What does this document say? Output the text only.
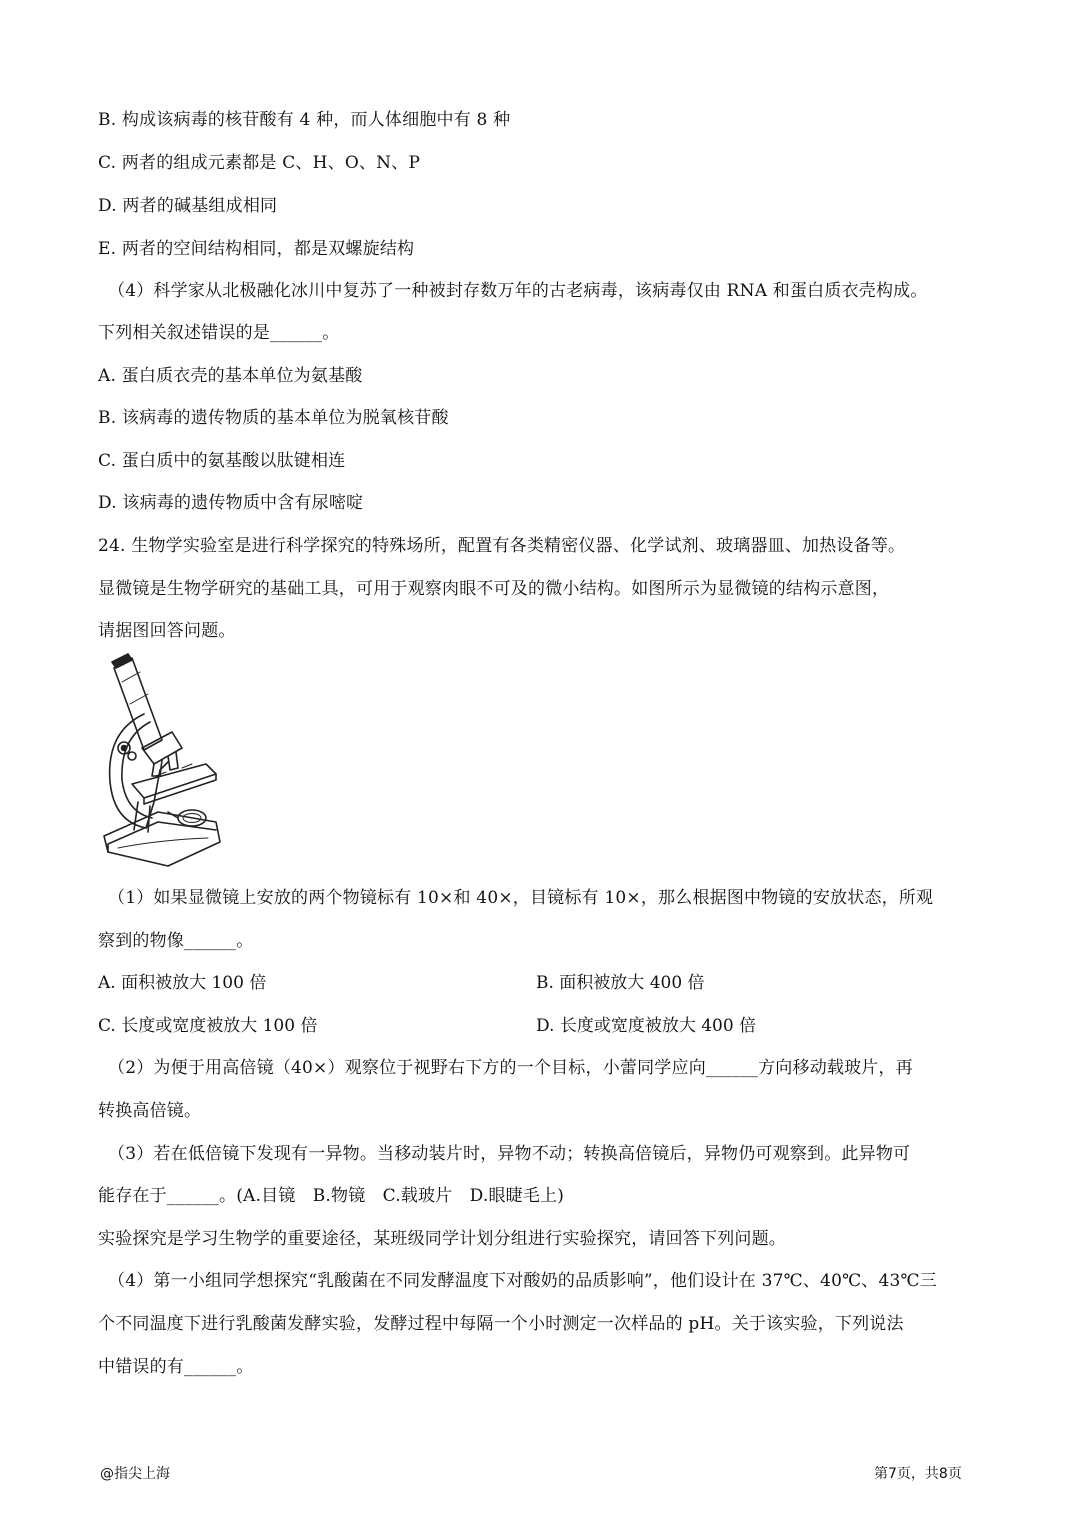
B. 构成该病毒的核苷酸有 4 种，而人体细胞中有 8 种
C. 两者的组成元素都是 C、H、O、N、P
D. 两者的碱基组成相同
E. 两者的空间结构相同，都是双螺旋结构
（4）科学家从北极融化冰川中复苏了一种被封存数万年的古老病毒，该病毒仅由 RNA 和蛋白质衣壳构成。
下列相关叙述错误的是______。
A. 蛋白质衣壳的基本单位为氨基酸
B. 该病毒的遗传物质的基本单位为脱氧核苷酸
C. 蛋白质中的氨基酸以肽键相连
D. 该病毒的遗传物质中含有尿嘧啶
24. 生物学实验室是进行科学探究的特殊场所，配置有各类精密仪器、化学试剂、玻璃器皿、加热设备等。
显微镜是生物学研究的基础工具，可用于观察肉眼不可及的微小结构。如图所示为显微镜的结构示意图，
请据图回答问题。
（1）如果显微镜上安放的两个物镜标有 10×和 40×，目镜标有 10×，那么根据图中物镜的安放状态，所观
察到的物像______。
A. 面积被放大 100 倍	B. 面积被放大 400 倍
C. 长度或宽度被放大 100 倍	D. 长度或宽度被放大 400 倍
（2）为便于用高倍镜（40×）观察位于视野右下方的一个目标，小蕾同学应向______方向移动载玻片，再
转换高倍镜。
（3）若在低倍镜下发现有一异物。当移动装片时，异物不动；转换高倍镜后，异物仍可观察到。此异物可
能存在于______。(A.目镜　B.物镜　C.载玻片　D.眼睫毛上)
实验探究是学习生物学的重要途径，某班级同学计划分组进行实验探究，请回答下列问题。
（4）第一小组同学想探究“乳酸菌在不同发酵温度下对酸奶的品质影响”，他们设计在 37℃、40℃、43℃三
个不同温度下进行乳酸菌发酵实验，发酵过程中每隔一个小时测定一次样品的 pH。关于该实验，下列说法
中错误的有______。
@指尖上海	第7页，共8页
